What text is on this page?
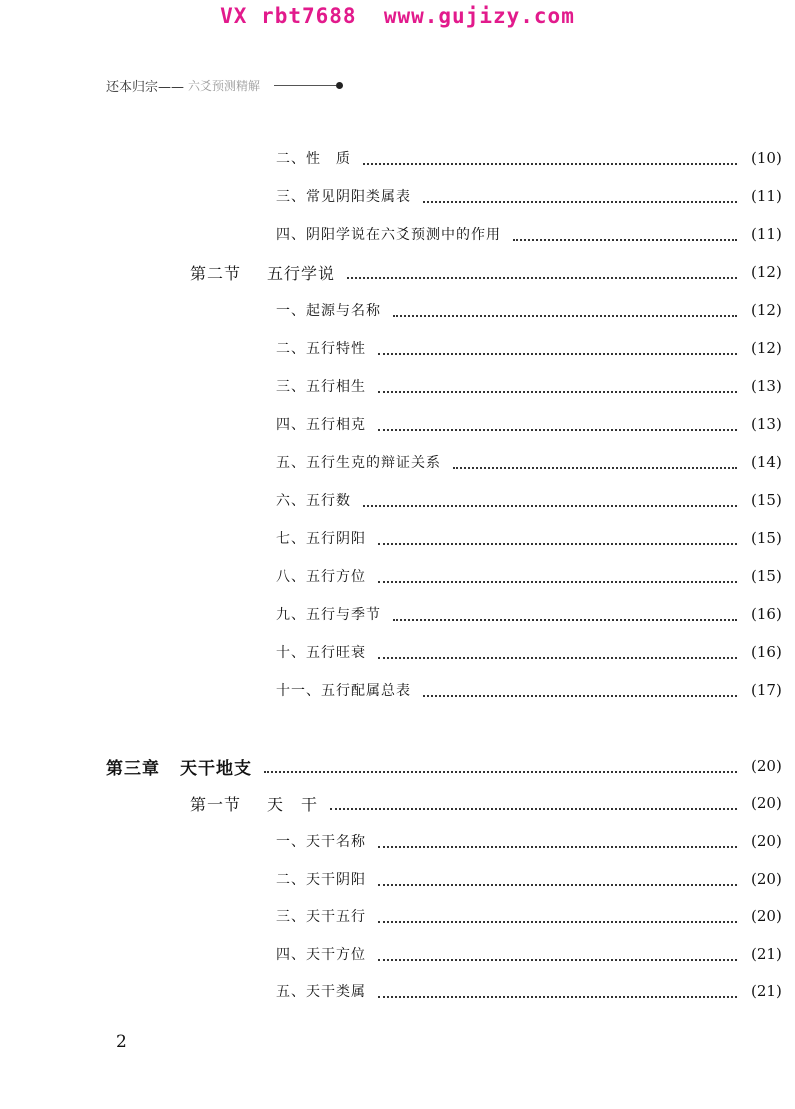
VX rbt7688  www.gujizy.com
还本归宗—— 六爻预测精解
二、性　质	(10)
三、常见阴阳类属表	(11)
四、阴阳学说在六爻预测中的作用	(11)
第二节 五行学说	(12)
一、起源与名称	(12)
二、五行特性	(12)
三、五行相生	(13)
四、五行相克	(13)
五、五行生克的辩证关系	(14)
六、五行数	(15)
七、五行阴阳	(15)
八、五行方位	(15)
九、五行与季节	(16)
十、五行旺衰	(16)
十一、五行配属总表	(17)
第三章 天干地支	(20)
第一节 天　干	(20)
一、天干名称	(20)
二、天干阴阳	(20)
三、天干五行	(20)
四、天干方位	(21)
五、天干类属	(21)
2
